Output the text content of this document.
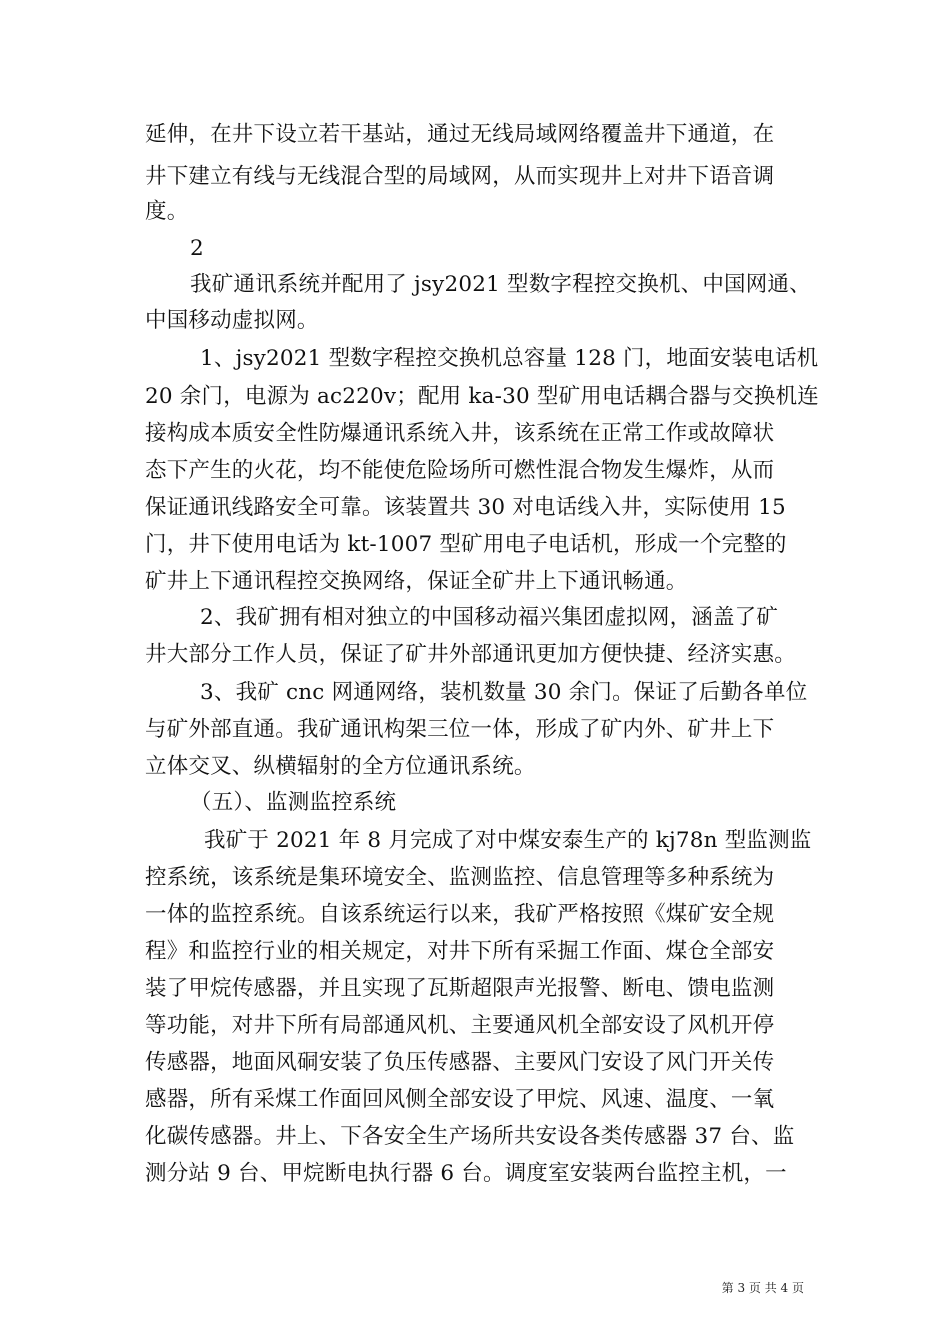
延伸，在井下设立若干基站，通过无线局域网络覆盖井下通道，在
井下建立有线与无线混合型的局域网，从而实现井上对井下语音调
度。
2
我矿通讯系统并配用了 jsy2021 型数字程控交换机、中国网通、
中国移动虚拟网。
1、jsy2021 型数字程控交换机总容量 128 门，地面安装电话机
20 余门，电源为 ac220v；配用 ka-30 型矿用电话耦合器与交换机连
接构成本质安全性防爆通讯系统入井，该系统在正常工作或故障状
态下产生的火花，均不能使危险场所可燃性混合物发生爆炸，从而
保证通讯线路安全可靠。该装置共 30 对电话线入井，实际使用 15
门，井下使用电话为 kt-1007 型矿用电子电话机，形成一个完整的
矿井上下通讯程控交换网络，保证全矿井上下通讯畅通。
2、我矿拥有相对独立的中国移动福兴集团虚拟网，涵盖了矿
井大部分工作人员，保证了矿井外部通讯更加方便快捷、经济实惠。
3、我矿 cnc 网通网络，装机数量 30 余门。保证了后勤各单位
与矿外部直通。我矿通讯构架三位一体，形成了矿内外、矿井上下
立体交叉、纵横辐射的全方位通讯系统。
（五）、监测监控系统
我矿于 2021 年 8 月完成了对中煤安泰生产的 kj78n 型监测监
控系统，该系统是集环境安全、监测监控、信息管理等多种系统为
一体的监控系统。自该系统运行以来，我矿严格按照《煤矿安全规
程》和监控行业的相关规定，对井下所有采掘工作面、煤仓全部安
装了甲烷传感器，并且实现了瓦斯超限声光报警、断电、馈电监测
等功能，对井下所有局部通风机、主要通风机全部安设了风机开停
传感器，地面风硐安装了负压传感器、主要风门安设了风门开关传
感器，所有采煤工作面回风侧全部安设了甲烷、风速、温度、一氧
化碳传感器。井上、下各安全生产场所共安设各类传感器 37 台、监
测分站 9 台、甲烷断电执行器 6 台。调度室安装两台监控主机，一
第 3 页 共 4 页
